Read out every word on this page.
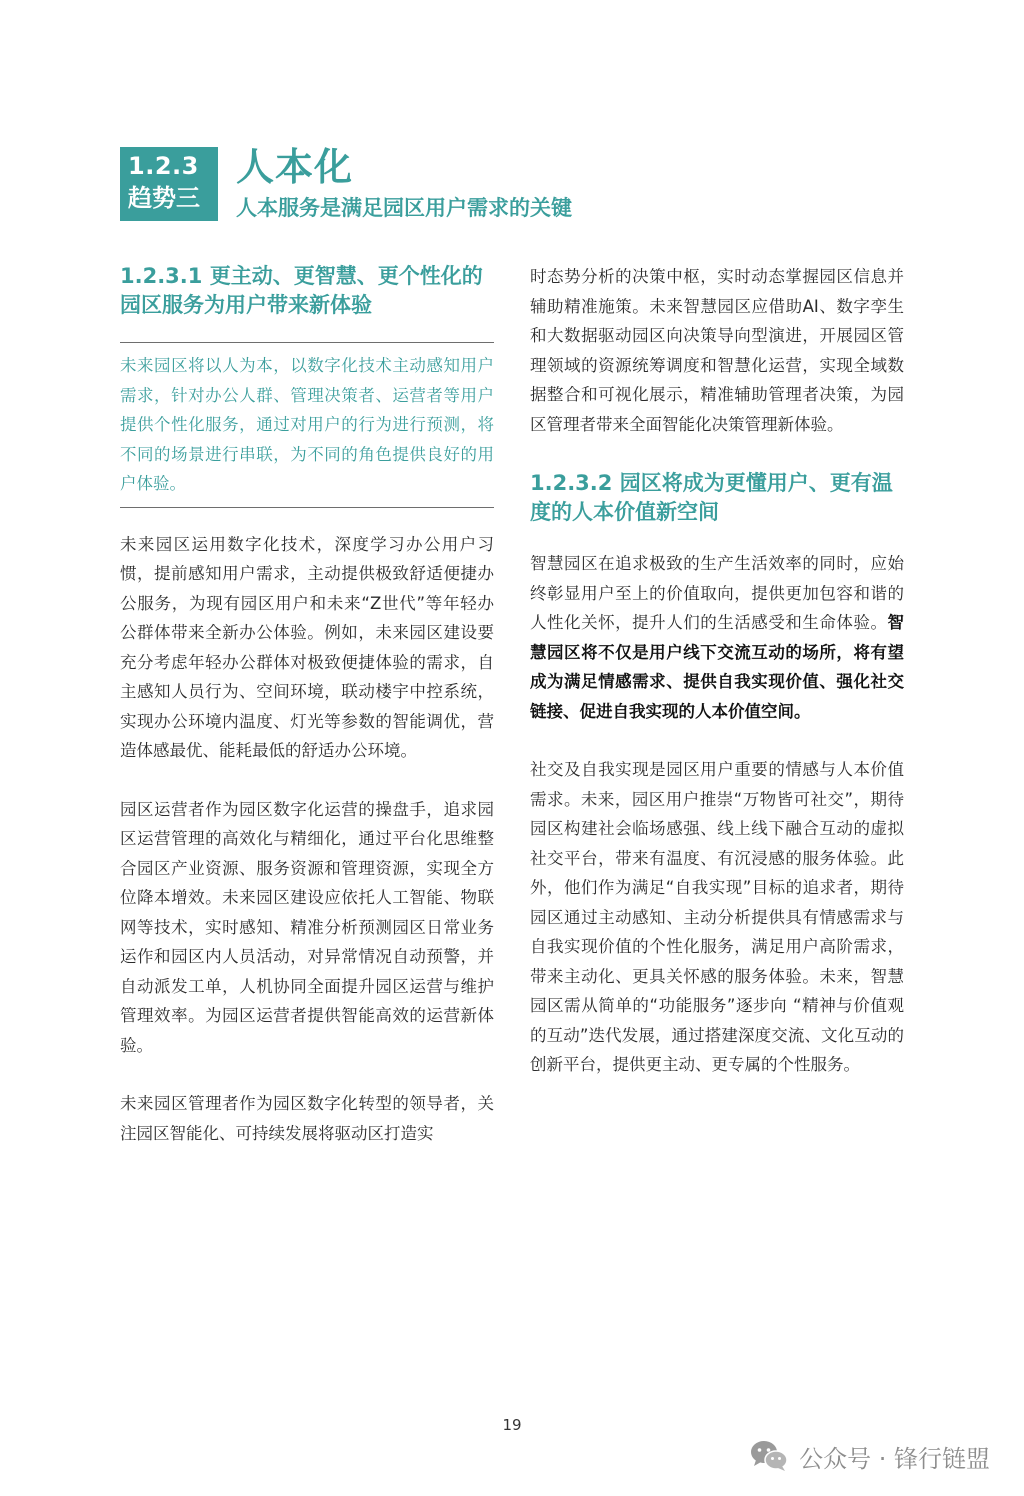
1.2.3
趋势三
人本化
人本服务是满足园区用户需求的关键
1.2.3.1 更主动、更智慧、更个性化的园区服务为用户带来新体验

未来园区将以人为本，以数字化技术主动感知用户需求，针对办公人群、管理决策者、运营者等用户提供个性化服务，通过对用户的行为进行预测，将不同的场景进行串联，为不同的角色提供良好的用户体验。

未来园区运用数字化技术，深度学习办公用户习惯，提前感知用户需求，主动提供极致舒适便捷办公服务，为现有园区用户和未来“Z世代”等年轻办公群体带来全新办公体验。例如，未来园区建设要充分考虑年轻办公群体对极致便捷体验的需求，自主感知人员行为、空间环境，联动楼宇中控系统，实现办公环境内温度、灯光等参数的智能调优，营造体感最优、能耗最低的舒适办公环境。

园区运营者作为园区数字化运营的操盘手，追求园区运营管理的高效化与精细化，通过平台化思维整合园区产业资源、服务资源和管理资源，实现全方位降本增效。未来园区建设应依托人工智能、物联网等技术，实时感知、精准分析预测园区日常业务运作和园区内人员活动，对异常情况自动预警，并自动派发工单，人机协同全面提升园区运营与维护管理效率。为园区运营者提供智能高效的运营新体验。

未来园区管理者作为园区数字化转型的领导者，关注园区智能化、可持续发展将驱动区打造实

时态势分析的决策中枢，实时动态掌握园区信息并辅助精准施策。未来智慧园区应借助AI、数字孪生和大数据驱动园区向决策导向型演进，开展园区管理领域的资源统筹调度和智慧化运营，实现全域数据整合和可视化展示，精准辅助管理者决策，为园区管理者带来全面智能化决策管理新体验。

1.2.3.2 园区将成为更懂用户、更有温度的人本价值新空间

智慧园区在追求极致的生产生活效率的同时，应始终彰显用户至上的价值取向，提供更加包容和谐的人性化关怀，提升人们的生活感受和生命体验。智慧园区将不仅是用户线下交流互动的场所，将有望成为满足情感需求、提供自我实现价值、强化社交链接、促进自我实现的人本价值空间。

社交及自我实现是园区用户重要的情感与人本价值需求。未来，园区用户推崇“万物皆可社交”，期待园区构建社会临场感强、线上线下融合互动的虚拟社交平台，带来有温度、有沉浸感的服务体验。此外，他们作为满足“自我实现”目标的追求者，期待园区通过主动感知、主动分析提供具有情感需求与自我实现价值的个性化服务，满足用户高阶需求，带来主动化、更具关怀感的服务体验。未来，智慧园区需从简单的“功能服务”逐步向 “精神与价值观的互动”迭代发展，通过搭建深度交流、文化互动的创新平台，提供更主动、更专属的个性服务。

19
公众号 · 锋行链盟
